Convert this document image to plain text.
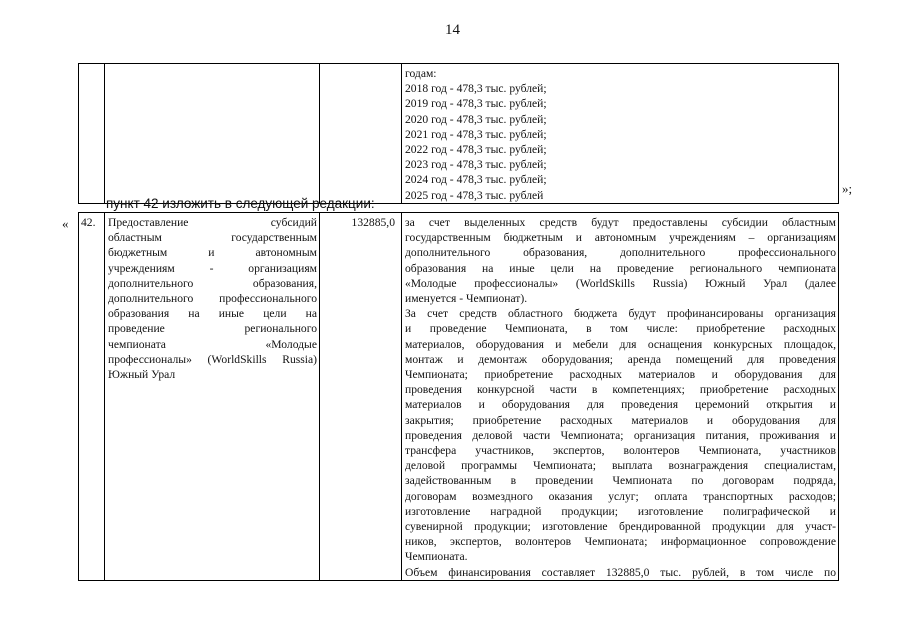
14

годам:
2018 год - 478,3 тыс. рублей;
2019 год - 478,3 тыс. рублей;
2020 год - 478,3 тыс. рублей;
2021 год - 478,3 тыс. рублей;
2022 год - 478,3 тыс. рублей;
2023 год - 478,3 тыс. рублей;
2024 год - 478,3 тыс. рублей;
2025 год - 478,3 тыс. рублей	»;
пункт 42 изложить в следующей редакции:
« 42.	Предоставление субсидий
областным государственным
бюджетным и автономным
учреждениям - организациям
дополнительного образования,
дополнительного профессионального
образования на иные цели на
проведение регионального
чемпионата «Молодые
профессионалы» (WorldSkills Russia)
Южный Урал
	132885,0	за счет выделенных средств будут предоставлены субсидии областным
государственным бюджетным и автономным учреждениям – организациям
дополнительного образования, дополнительного профессионального
образования на иные цели на проведение регионального чемпионата
«Молодые профессионалы» (WorldSkills Russia) Южный Урал (далее
именуется - Чемпионат).
За счет средств областного бюджета будут профинансированы организация
и проведение Чемпионата, в том числе: приобретение расходных
материалов, оборудования и мебели для оснащения конкурсных площадок,
монтаж и демонтаж оборудования; аренда помещений для проведения
Чемпионата; приобретение расходных материалов и оборудования для
проведения конкурсной части в компетенциях; приобретение расходных
материалов и оборудования для проведения церемоний открытия и
закрытия; приобретение расходных материалов и оборудования для
проведения деловой части Чемпионата; организация питания, проживания и
трансфера участников, экспертов, волонтеров Чемпионата, участников
деловой программы Чемпионата; выплата вознаграждения специалистам,
задействованным в проведении Чемпионата по договорам подряда,
договорам возмездного оказания услуг; оплата транспортных расходов;
изготовление наградной продукции; изготовление полиграфической и
сувенирной продукции; изготовление брендированной продукции для участ-
ников, экспертов, волонтеров Чемпионата; информационное сопровождение
Чемпионата.
Объем финансирования составляет 132885,0 тыс. рублей, в том числе по
